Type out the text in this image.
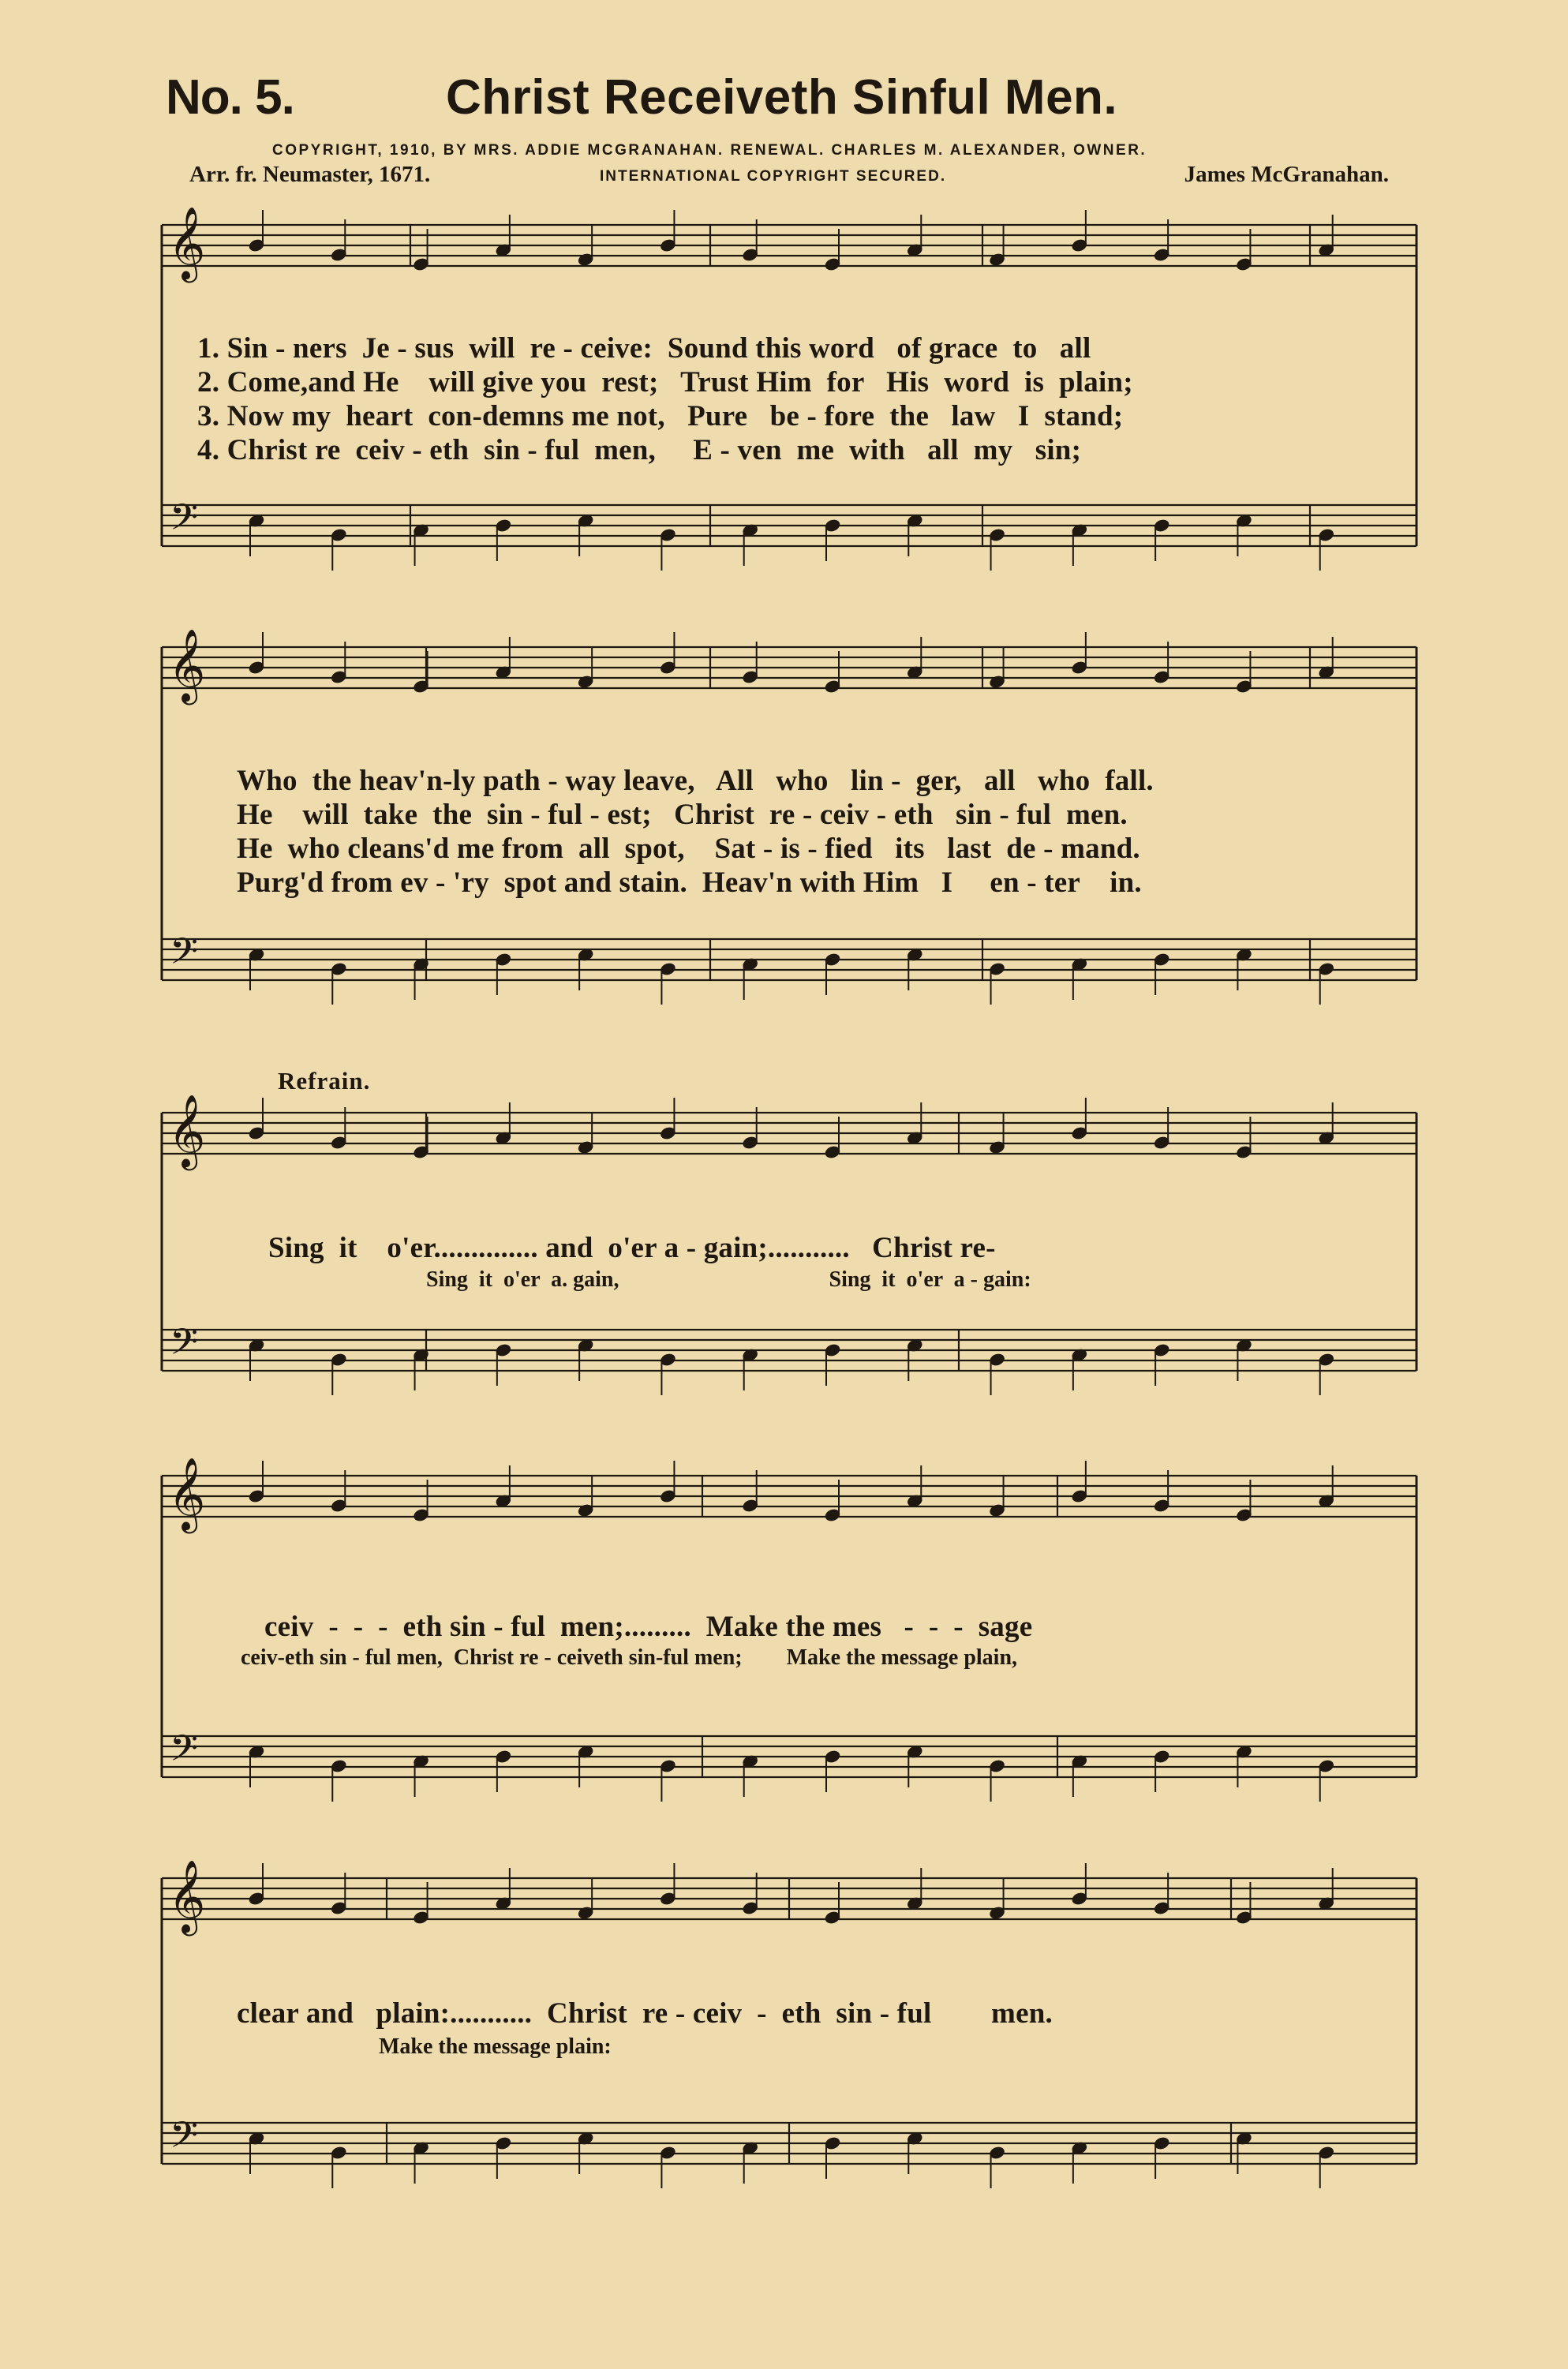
No. 5.	Christ Receiveth Sinful Men.
COPYRIGHT, 1910, BY MRS. ADDIE MCGRANAHAN. RENEWAL. CHARLES M. ALEXANDER, OWNER.
Arr. fr. Neumaster, 1671.	INTERNATIONAL COPYRIGHT SECURED.	James McGranahan.
𝄞
𝄢
𝄞
𝄢
𝄞
𝄢
𝄞
𝄢
𝄞
𝄢
1. Sin - ners  Je - sus  will  re - ceive:  Sound this word   of grace  to   all
2. Come,and He    will give you  rest;   Trust Him  for   His  word  is  plain;
3. Now my  heart  con-demns me not,   Pure   be - fore  the   law   I  stand;
4. Christ re  ceiv - eth  sin - ful  men,     E - ven  me  with   all  my   sin;
Who  the heav'n-ly path - way leave,   All   who   lin -  ger,   all   who  fall.
He    will  take  the  sin - ful - est;   Christ  re - ceiv - eth   sin - ful  men.
He  who cleans'd me from  all  spot,    Sat - is - fied   its   last  de - mand.
Purg'd from ev - 'ry  spot and stain.  Heav'n with Him   I     en - ter    in.
Refrain.
Sing  it    o'er.............. and  o'er a - gain;...........   Christ re-
Sing  it  o'er  a. gain,                                      Sing  it  o'er  a - gain:
ceiv  -  -  -  eth sin - ful  men;.........  Make the mes   -  -  -  sage
ceiv-eth sin - ful men,  Christ re - ceiveth sin-ful men;        Make the message plain,
clear and   plain:...........  Christ  re - ceiv  -  eth  sin - ful        men.
Make the message plain:
